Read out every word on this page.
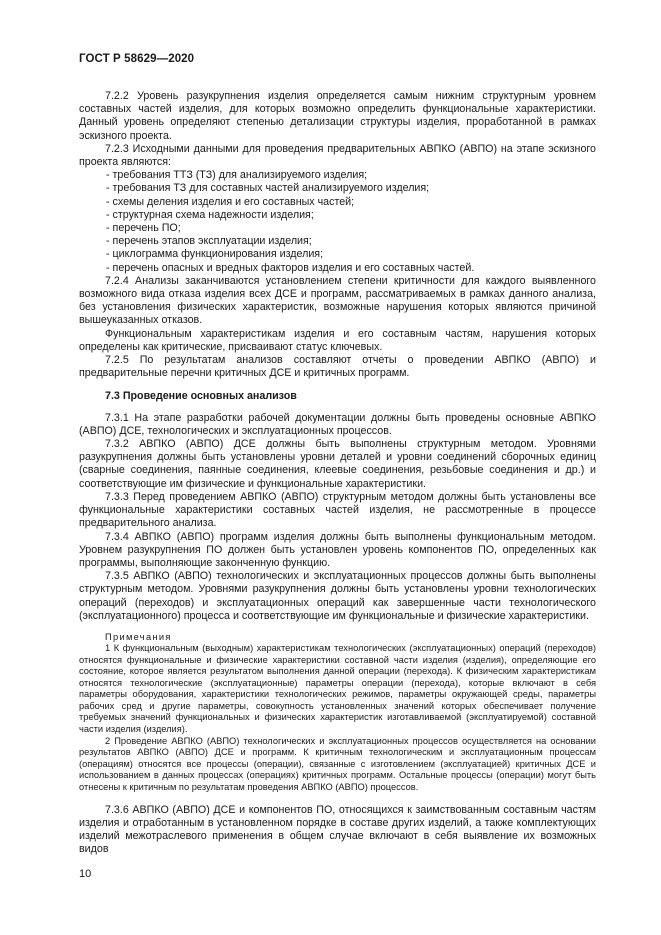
ГОСТ Р 58629—2020

7.2.2 Уровень разукрупнения изделия определяется самым нижним структурным уровнем составных частей изделия, для которых возможно определить функциональные характеристики. Данный уровень определяют степенью детализации структуры изделия, проработанной в рамках эскизного проекта.

7.2.3 Исходными данными для проведения предварительных АВПКО (АВПО) на этапе эскизного проекта являются:

- требования ТТЗ (ТЗ) для анализируемого изделия;

- требования ТЗ для составных частей анализируемого изделия;

- схемы деления изделия и его составных частей;

- структурная схема надежности изделия;

- перечень ПО;

- перечень этапов эксплуатации изделия;

- циклограмма функционирования изделия;

- перечень опасных и вредных факторов изделия и его составных частей.

7.2.4 Анализы заканчиваются установлением степени критичности для каждого выявленного возможного вида отказа изделия всех ДСЕ и программ, рассматриваемых в рамках данного анализа, без установления физических характеристик, возможные нарушения которых являются причиной вышеуказанных отказов.

Функциональным характеристикам изделия и его составным частям, нарушения которых определены как критические, присваивают статус ключевых.

7.2.5 По результатам анализов составляют отчеты о проведении АВПКО (АВПО) и предварительные перечни критичных ДСЕ и критичных программ.

7.3 Проведение основных анализов

7.3.1 На этапе разработки рабочей документации должны быть проведены основные АВПКО (АВПО) ДСЕ, технологических и эксплуатационных процессов.

7.3.2 АВПКО (АВПО) ДСЕ должны быть выполнены структурным методом. Уровнями разукрупнения должны быть установлены уровни деталей и уровни соединений сборочных единиц (сварные соединения, паянные соединения, клеевые соединения, резьбовые соединения и др.) и соответствующие им физические и функциональные характеристики.

7.3.3 Перед проведением АВПКО (АВПО) структурным методом должны быть установлены все функциональные характеристики составных частей изделия, не рассмотренные в процессе предварительного анализа.

7.3.4 АВПКО (АВПО) программ изделия должны быть выполнены функциональным методом. Уровнем разукрупнения ПО должен быть установлен уровень компонентов ПО, определенных как программы, выполняющие законченную функцию.

7.3.5 АВПКО (АВПО) технологических и эксплуатационных процессов должны быть выполнены структурным методом. Уровнями разукрупнения должны быть установлены уровни технологических операций (переходов) и эксплуатационных операций как завершенные части технологического (эксплуатационного) процесса и соответствующие им функциональные и физические характеристики.

Примечания

1 К функциональным (выходным) характеристикам технологических (эксплуатационных) операций (переходов) относятся функциональные и физические характеристики составной части изделия (изделия), определяющие его состояние, которое является результатом выполнения данной операции (перехода). К физическим характеристикам относятся технологические (эксплуатационные) параметры операции (перехода), которые включают в себя параметры оборудования, характеристики технологических режимов, параметры окружающей среды, параметры рабочих сред и другие параметры, совокупность установленных значений которых обеспечивает получение требуемых значений функциональных и физических характеристик изготавливаемой (эксплуатируемой) составной части изделия (изделия).

2 Проведение АВПКО (АВПО) технологических и эксплуатационных процессов осуществляется на основании результатов АВПКО (АВПО) ДСЕ и программ. К критичным технологическим и эксплуатационным процессам (операциям) относятся все процессы (операции), связанные с изготовлением (эксплуатацией) критичных ДСЕ и использованием в данных процессах (операциях) критичных программ. Остальные процессы (операции) могут быть отнесены к критичным по результатам проведения АВПКО (АВПО) процессов.

7.3.6 АВПКО (АВПО) ДСЕ и компонентов ПО, относящихся к заимствованным составным частям изделия и отработанным в установленном порядке в составе других изделий, а также комплектующих изделий межотраслевого применения в общем случае включают в себя выявление их возможных видов

10
